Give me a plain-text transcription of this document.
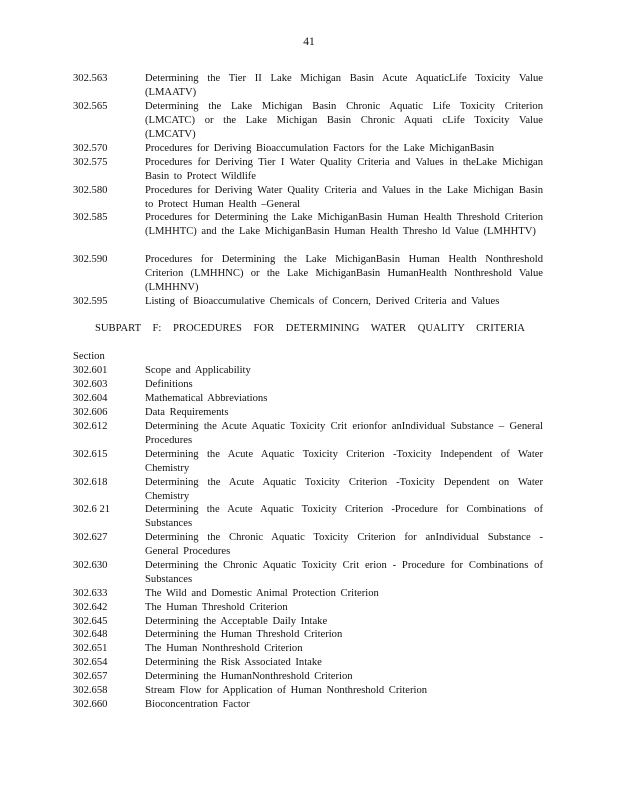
41
302.563	Determining the Tier II Lake Michigan Basin Acute AquaticLife Toxicity Value (LMAATV)
302.565	Determining the Lake Michigan Basin Chronic Aquatic Life Toxicity Criterion (LMCATC) or the Lake Michigan Basin Chronic Aquati cLife Toxicity Value (LMCATV)
302.570	Procedures for Deriving Bioaccumulation Factors for the Lake MichiganBasin
302.575	Procedures for Deriving Tier I Water Quality Criteria and Values in theLake Michigan Basin to Protect Wildlife
302.580	Procedures for Deriving Water Quality Criteria and Values in the Lake Michigan Basin to Protect Human Health –General
302.585	Procedures for Determining the Lake MichiganBasin Human Health Threshold Criterion (LMHHTC) and the Lake MichiganBasin Human Health Thresho ld Value (LMHHTV)
302.590	Procedures for Determining the Lake MichiganBasin Human Health Nonthreshold Criterion (LMHHNC) or the Lake MichiganBasin HumanHealth Nonthreshold Value (LMHHNV)
302.595	Listing of Bioaccumulative Chemicals of Concern, Derived Criteria and Values
SUBPART F: PROCEDURES FOR DETERMINING WATER QUALITY CRITERIA
Section
302.601	Scope and Applicability
302.603	Definitions
302.604	Mathematical Abbreviations
302.606	Data Requirements
302.612	Determining the Acute Aquatic Toxicity Crit erionfor anIndividual Substance – General Procedures
302.615	Determining the Acute Aquatic Toxicity Criterion -Toxicity Independent of Water Chemistry
302.618	Determining the Acute Aquatic Toxicity Criterion -Toxicity Dependent on Water Chemistry
302.6 21	Determining the Acute Aquatic Toxicity Criterion -Procedure for Combinations of Substances
302.627	Determining the Chronic Aquatic Toxicity Criterion for anIndividual Substance - General Procedures
302.630	Determining the Chronic Aquatic Toxicity Crit erion - Procedure for Combinations of Substances
302.633	The Wild and Domestic Animal Protection Criterion
302.642	The Human Threshold Criterion
302.645	Determining the Acceptable Daily Intake
302.648	Determining the Human Threshold Criterion
302.651	The Human Nonthreshold Criterion
302.654	Determining the Risk Associated Intake
302.657	Determining the HumanNonthreshold Criterion
302.658	Stream Flow for Application of Human Nonthreshold Criterion
302.660	Bioconcentration Factor
